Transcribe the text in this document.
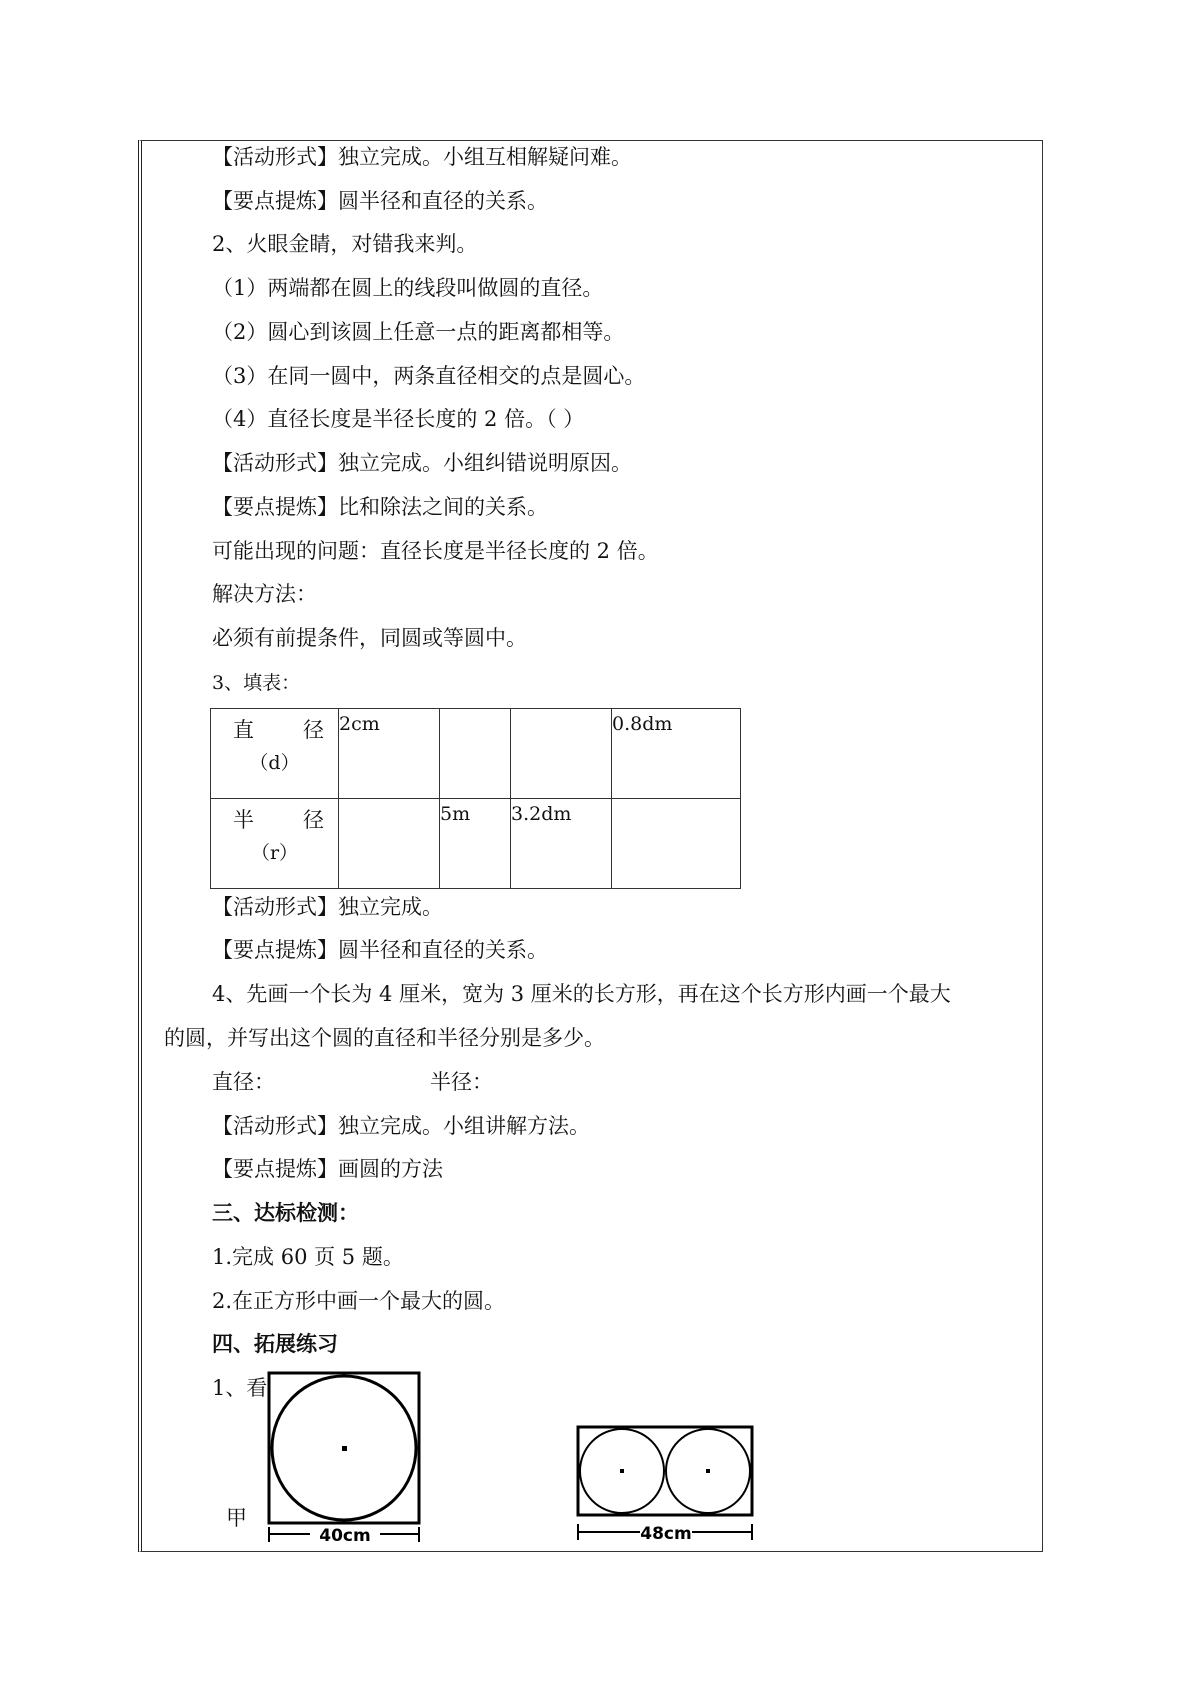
【活动形式】独立完成。小组互相解疑问难。
【要点提炼】圆半径和直径的关系。
2、火眼金睛，对错我来判。
（1）两端都在圆上的线段叫做圆的直径。
（2）圆心到该圆上任意一点的距离都相等。
（3）在同一圆中，两条直径相交的点是圆心。
（4）直径长度是半径长度的 2 倍。（ ）
【活动形式】独立完成。小组纠错说明原因。
【要点提炼】比和除法之间的关系。
可能出现的问题：直径长度是半径长度的 2 倍。
解决方法：
必须有前提条件，同圆或等圆中。
3、填表：
直 径
（d）	2cm			0.8dm

半 径
（r）		5m	3.2dm	
【活动形式】独立完成。
【要点提炼】圆半径和直径的关系。
4、先画一个长为 4 厘米，宽为 3 厘米的长方形，再在这个长方形内画一个最大
的圆，并写出这个圆的直径和半径分别是多少。
直径：	半径：
【活动形式】独立完成。小组讲解方法。
【要点提炼】画圆的方法
三、达标检测：
1.完成 60 页 5 题。
2.在正方形中画一个最大的圆。
四、拓展练习
1、看
甲
40cm	48cm
